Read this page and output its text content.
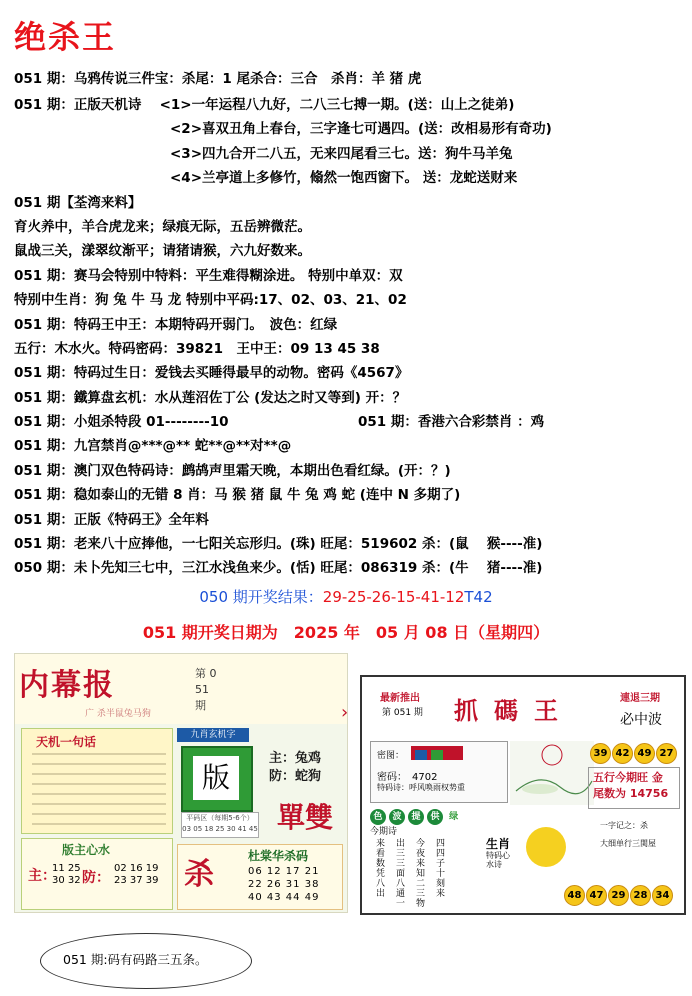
绝杀王
051 期：乌鸦传说三件宝：杀尾：1 尾杀合：三合　杀肖：羊 猪 虎
051 期：正版天机诗　 <1>一年运程八九好，二八三七搏一期。(送：山上之徒弟)
<2>喜双丑角上春台，三字逢七可遇四。(送：改相易形有奇功)
<3>四九合开二八五，无来四尾看三七。送：狗牛马羊兔
<4>兰亭道上多修竹，翛然一饱西窗下。 送：龙蛇送财来
051 期【荃湾来料】
育火养中，羊合虎龙来；绿痕无际，五岳辨微茫。
鼠战三关，漾翠纹渐平；请猪请猴，六九好数来。
051 期：赛马会特别中特料：平生难得糊涂进。 特别中单双：双
特别中生肖：狗 兔 牛 马 龙 特别中平码:17、02、03、21、02
051 期：特码王中王：本期特码开弱门。　波色：红绿
五行：木水火。特码密码：39821　王中王：09 13 45 38
051 期：特码过生日：爱钱去买睡得最早的动物。密码《4567》
051 期：鐵算盘玄机：水从莲沼佐丁公 (发达之时又等到) 开：？
051 期：小姐杀特段 01--------10	051 期：香港六合彩禁肖 ：鸡
051 期：九宫禁肖@***@** 蛇**@**对**@
051 期：澳门双色特码诗：鹧鸪声里霜天晚，本期出色看红绿。(开：？)
051 期：稳如泰山的无错 8 肖：马 猴 猪 鼠 牛 兔 鸡 蛇 (连中 N 多期了)
051 期：正版《特码王》全年料
051 期：老来八十应捧他，一七阳关忘形归。(珠) 旺尾：519602 杀：(鼠　 猴----准)
050 期：未卜先知三七中，三江水浅鱼来少。(恬) 旺尾：086319 杀：(牛　 猪----准)
050 期开奖结果：29-25-26-15-41-12T42
051 期开奖日期为　2025 年　05 月 08 日（星期四）
内幕报	第 051 期
广 杀半鼠兔马狗
天机一句话	九肖玄机字
版
平码区（每期5-6个）
03 05 18 25 30 41 45
主：兔鸡
防：蛇狗
單雙
版主心水
主：
11 25
30 32 防：
02 16 19
23 37 39 杀
杜棠华杀码
06 12 17 21
22 26 31 38
40 43 44 49
›
最新推出
第 051 期 抓碼王	連退三期
必中波
密图：
密码：　4702
特码诗：呼风唤雨权势重
39 42 49 27
五行今期旺 金
尾数为 14756
色 波 提 供 绿
今期诗
来看数凭八出
出三三面八通一
今夜来知二三物
四四子十刻来
生肖
特码心水诗
一字记之：杀
大细单行三関屋
48 47 29 28 34
051 期:码有码路三五条。
